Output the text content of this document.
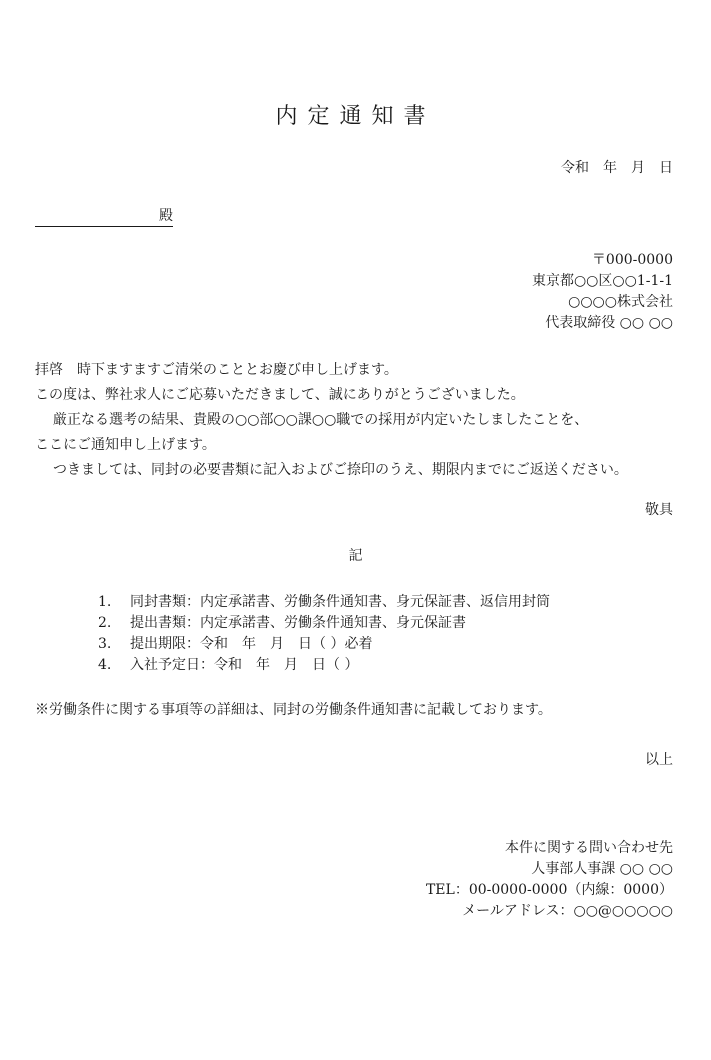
内定通知書
令和　年　月　日
殿
〒000-0000
東京都○○区○○1-1-1
○○○○株式会社
代表取締役 ○○ ○○
拝啓　時下ますますご清栄のこととお慶び申し上げます。
この度は、弊社求人にご応募いただきまして、誠にありがとうございました。
厳正なる選考の結果、貴殿の○○部○○課○○職での採用が内定いたしましたことを、
ここにご通知申し上げます。
つきましては、同封の必要書類に記入およびご捺印のうえ、期限内までにご返送ください。
敬具
記
1. 同封書類：内定承諾書、労働条件通知書、身元保証書、返信用封筒
2. 提出書類：内定承諾書、労働条件通知書、身元保証書
3. 提出期限：令和　年　月　日（ ）必着
4. 入社予定日：令和　年　月　日（ ）
※労働条件に関する事項等の詳細は、同封の労働条件通知書に記載しております。
以上
本件に関する問い合わせ先
人事部人事課 ○○ ○○
TEL：00-0000-0000（内線：0000）
メールアドレス：○○@○○○○○
